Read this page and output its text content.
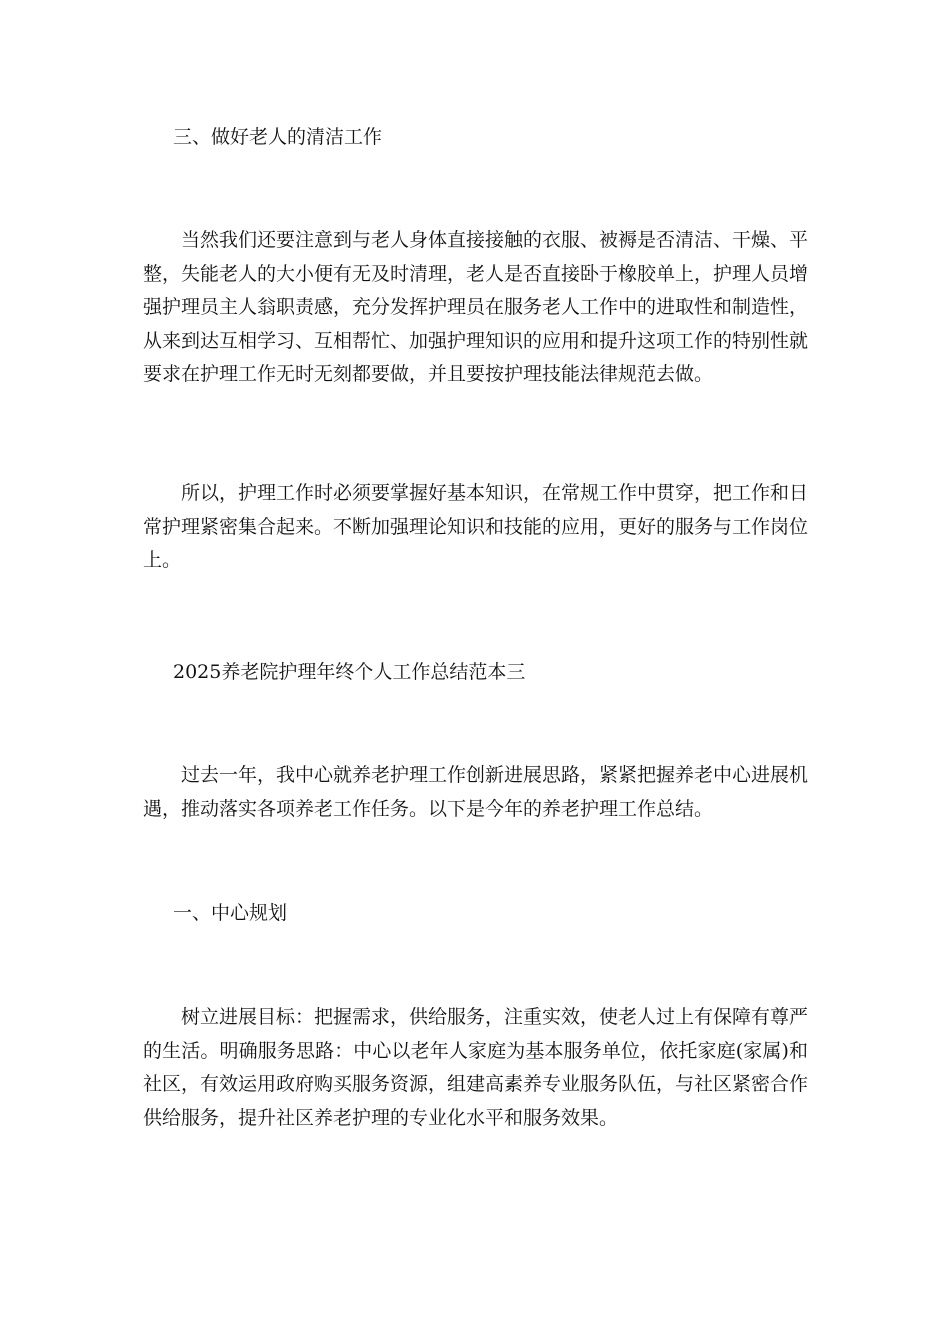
三、做好老人的清洁工作

当然我们还要注意到与老人身体直接接触的衣服、被褥是否清洁、干燥、平整，失能老人的大小便有无及时清理，老人是否直接卧于橡胶单上，护理人员增强护理员主人翁职责感，充分发挥护理员在服务老人工作中的进取性和制造性，从来到达互相学习、互相帮忙、加强护理知识的应用和提升这项工作的特别性就要求在护理工作无时无刻都要做，并且要按护理技能法律规范去做。

所以，护理工作时必须要掌握好基本知识，在常规工作中贯穿，把工作和日常护理紧密集合起来。不断加强理论知识和技能的应用，更好的服务与工作岗位上。

2025养老院护理年终个人工作总结范本三

过去一年，我中心就养老护理工作创新进展思路，紧紧把握养老中心进展机遇，推动落实各项养老工作任务。以下是今年的养老护理工作总结。

一、中心规划

树立进展目标：把握需求，供给服务，注重实效，使老人过上有保障有尊严的生活。明确服务思路：中心以老年人家庭为基本服务单位，依托家庭(家属)和社区，有效运用政府购买服务资源，组建高素养专业服务队伍，与社区紧密合作供给服务，提升社区养老护理的专业化水平和服务效果。
